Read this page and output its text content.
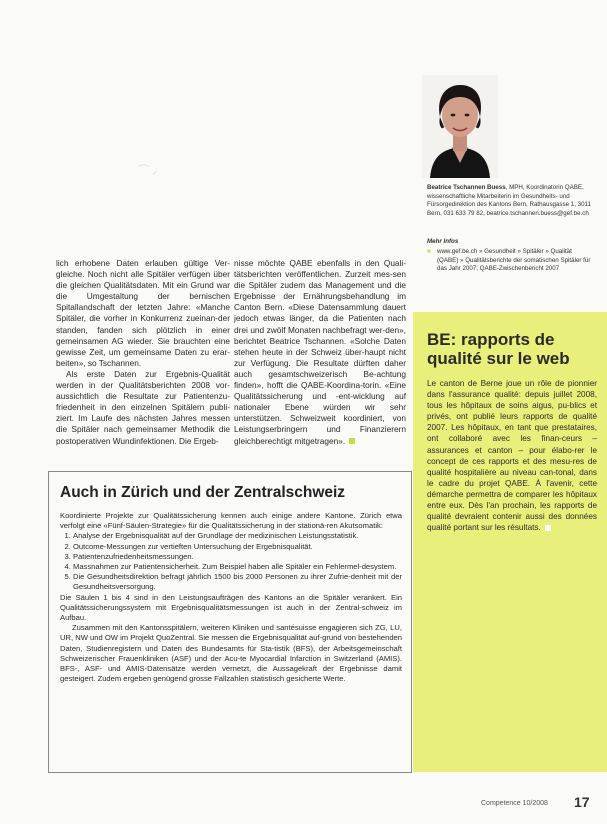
⌒ ⸝
Beatrice Tschannen Buess, MPH, Koordinatorin QABE, wissenschaftliche Mitarbeiterin im Gesundheits- und Fürsorgedirektion des Kantons Bern, Rathausgasse 1, 3011 Bern, 031 633 79 82, beatrice.tschannen.buess@gef.be.ch
Mehr Infos
■ www.gef.be.ch » Gesundheit » Spitäler » Qualität (QABE) » Qualitätsberichte der somatischen Spitäler für das Jahr 2007; QABE-Zwischenbericht 2007

lich erhobene Daten erlauben gültige Ver-gleiche. Noch nicht alle Spitäler verfügen über die gleichen Qualitätsdaten. Mit ein Grund war die Umgestaltung der bernischen Spitallandschaft der letzten Jahre: «Manche Spitäler, die vorher in Konkurrenz zueinan-der standen, fanden sich plötzlich in einer gemeinsamen AG wieder. Sie brauchten eine gewisse Zeit, um gemeinsame Daten zu erar-beiten», so Tschannen.

Als erste Daten zur Ergebnis-Qualität werden in der Qualitätsberichten 2008 vor-aussichtlich die Resultate zur Patientenzu-friedenheit in den einzelnen Spitälern publi-ziert. Im Laufe des nächsten Jahres messen die Spitäler nach gemeinsamer Methodik die postoperativen Wundinfektionen. Die Ergeb-

nisse möchte QABE ebenfalls in den Quali-tätsberichten veröffentlichen. Zurzeit mes-sen die Spitäler zudem das Management und die Ergebnisse der Ernährungsbehandlung im Canton Bern. «Diese Datensammlung dauert jedoch etwas länger, da die Patienten nach drei und zwölf Monaten nachbefragt wer-den», berichtet Beatrice Tschannen. «Solche Daten stehen heute in der Schweiz über-haupt nicht zur Verfügung. Die Resultate dürften daher auch gesamtschweizerisch Be-achtung finden», hofft die QABE-Koordina-torin. «Eine Qualitätssicherung und -ent-wicklung auf nationaler Ebene würden wir sehr unterstützen. Schweizweit koordiniert, von Leistungserbringern und Finanzierern gleichberechtigt mitgetragen».

BE: rapports de qualité sur le web
Le canton de Berne joue un rôle de pionnier dans l'assurance qualité: depuis juillet 2008, tous les hôpitaux de soins aigus, pu-blics et privés, ont publié leurs rapports de qualité 2007. Les hôpitaux, en tant que prestataires, ont collaboré avec les finan-ceurs – assurances et canton – pour élabo-rer le concept de ces rapports et des mesu-res de qualité hospitalière au niveau can-tonal, dans le cadre du projet QABE. À l'avenir, cette démarche permettra de comparer les hôpitaux entre eux. Dès l'an prochain, les rapports de qualité devraient contenir aussi des données qualité portant sur les résultats.
Auch in Zürich und der Zentralschweiz
Koordinierte Projekte zur Qualitätssicherung kennen auch einige andere Kantone. Zürich etwa verfolgt eine «Fünf-Säulen-Strategie» für die Qualitätssicherung in der stationä-ren Akutsomatik:
1. Analyse der Ergebnisqualität auf der Grundlage der medizinischen Leistungsstatistik.
2. Outcome-Messungen zur vertieften Untersuchung der Ergebnisqualität.
3. Patientenzufriedenheitsmessungen.
4. Massnahmen zur Patientensicherheit. Zum Beispiel haben alle Spitäler ein Fehlermel-desystem.
5. Die Gesundheitsdirektion befragt jährlich 1500 bis 2000 Personen zu ihrer Zufrie-denheit mit der Gesundheitsversorgung.
Die Säulen 1 bis 4 sind in den Leistungsaufträgen des Kantons an die Spitäler verankert. Ein Qualitätssicherungssystem mit Ergebnisqualitätsmessungen ist auch in der Zentral-schweiz im Aufbau.
Zusammen mit den Kantonsspitälern, weiteren Kliniken und santésuisse engagieren sich ZG, LU, UR, NW und OW im Projekt QuoZentral. Sie messen die Ergebnisqualität auf-grund von bestehenden Daten, Studienregistern und Daten des Bundesamts für Sta-tistik (BFS), der Arbeitsgemeinschaft Schweizerischer Frauenkliniken (ASF) und der Acu-te Myocardial Infarction in Switzerland (AMIS). BFS-, ASF- und AMIS-Datensätze werden vernetzt, die Aussagekraft der Ergebnisse damit gesteigert. Zudem ergeben genügend grosse Fallzahlen statistisch gesicherte Werte.
Competence 10/2008 17
